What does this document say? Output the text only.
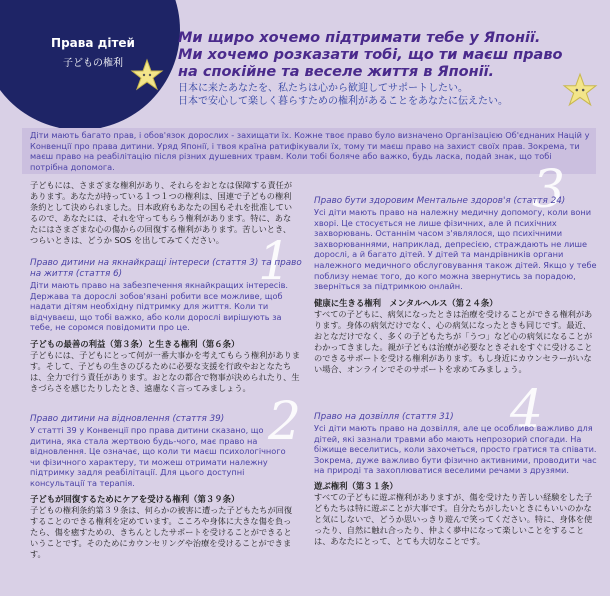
Права дітей
子どもの権利
Ми щиро хочемо підтримати тебе у Японії.
Ми хочемо розказати тобі, що ти маєш право
на спокійне та веселе життя в Японії.
日本に来たあなたを、私たちは心から歓迎してサポートしたい。
日本で安心して楽しく暮らすための権利があることをあなたに伝えたい。

Діти мають багато прав, і обов'язок дорослих - захищати їх. Кожне твоє право було визначено Організацією Об'єднаних Націй у Конвенції про права дитини. Уряд Японії, і твоя країна ратифікували їх, тому ти маєш право на захист своїх прав. Зокрема, ти маєш право на реабілітацію після різних душевних травм. Коли тобі боляче або важко, будь ласка, подай знак, що тобі потрібна допомога.

子どもには、さまざまな権利があり、それらをおとなは保障する責任があります。あなたが持っている１つ１つの権利は、国連で子どもの権利条約として決められました。日本政府もあなたの国もそれを批准しているので、あなたには、それを守ってもらう権利があります。特に、あなたにはさまざまな心の傷からの回復する権利があります。苦しいとき、つらいときは、どうか SOS を出してみてください。 1

Право дитини на якнайкращі інтереси (стаття 3) та право на життя (стаття 6)

Діти мають право на забезпечення якнайкращих інтересів. Держава та дорослі зобов'язані робити все можливе, щоб надати дітям необхідну підтримку для життя. Коли ти відчуваєш, що тобі важко, або коли дорослі вирішують за тебе, не соромся повідомити про це.

子どもの最善の利益（第３条）と生きる権利（第６条）

子どもには、子どもにとって何が一番大事かを考えてもらう権利があります。そして、子どもの生きのびるために必要な支援を行政やおとなたちは、全力で行う責任があります。おとなの都合で物事が決められたり、生きづらさを感じたりしたとき、遠慮なく言ってみましょう。

2

Право дитини на відновлення (стаття 39)

У статті 39 у Конвенції про права дитини сказано, що дитина, яка стала жертвою будь-чого, має право на відновлення. Це означає, що коли ти маєш психологічного чи фізичного характеру, ти можеш отримати належну підтримку задля реабілітації. Для цього доступні консультації та терапія.

子どもが回復するためにケアを受ける権利（第３９条）

子どもの権利条約第３９条は、何らかの被害に遭った子どもたちが回復することのできる権利を定めています。こころや身体に大きな傷を負ったら、傷を癒すための、きちんとしたサポートを受けることができるということです。そのためにカウンセリングや治療を受けることができます。

3

Право бути здоровим Ментальне здоров'я (стаття 24)

Усі діти мають право на належну медичну допомогу, коли вони хворі. Це стосується не лише фізичних, але й психічних захворювань. Останнім часом з'являлося, що психічними захворюваннями, наприклад, депресією, страждають не лише дорослі, а й багато дітей. У дітей та мандрівників органи належного медичного обслуговування також дітей. Якщо у тебе поблизу немає того, до кого можна звернутись за порадою, зверніться за підтримкою онлайн.

健康に生きる権利　メンタルヘルス（第２４条）

すべての子どもに、病気になったときは治療を受けることができる権利があります。身体の病気だけでなく、心の病気になったときも同じです。最近、おとなだけでなく、多くの子どもたちが「うつ」など心の病気になることがわかってきました。親が子どもは治療が必要なときそれをすぐに受けることのできるサポートを受ける権利があります。もし身近にカウンセラーがいない場合、オンラインでそのサポートを求めてみましょう。

4

Право на дозвілля (стаття 31)

Усі діти мають право на дозвілля, але це особливо важливо для дітей, які зазнали травми або мають непрозорий спогади. На біжище веселитись, коли захочеться, просто гратися та співати. Зокрема, дуже важливо бути фізично активними, проводити час на природі та захоплюватися веселими речами з друзями.

遊ぶ権利（第３１条）

すべての子どもに遊ぶ権利がありますが、傷を受けたり苦しい経験をした子どもたちは特に遊ぶことが大事です。自分たちがしたいときにもいいのかなと気にしないで、どうか思いっきり遊んで笑ってください。特に、身体を使ったり、自然に触れ合ったり、仲よく夢中になって楽しいことをすることは、あなたにとって、とても大切なことです。
